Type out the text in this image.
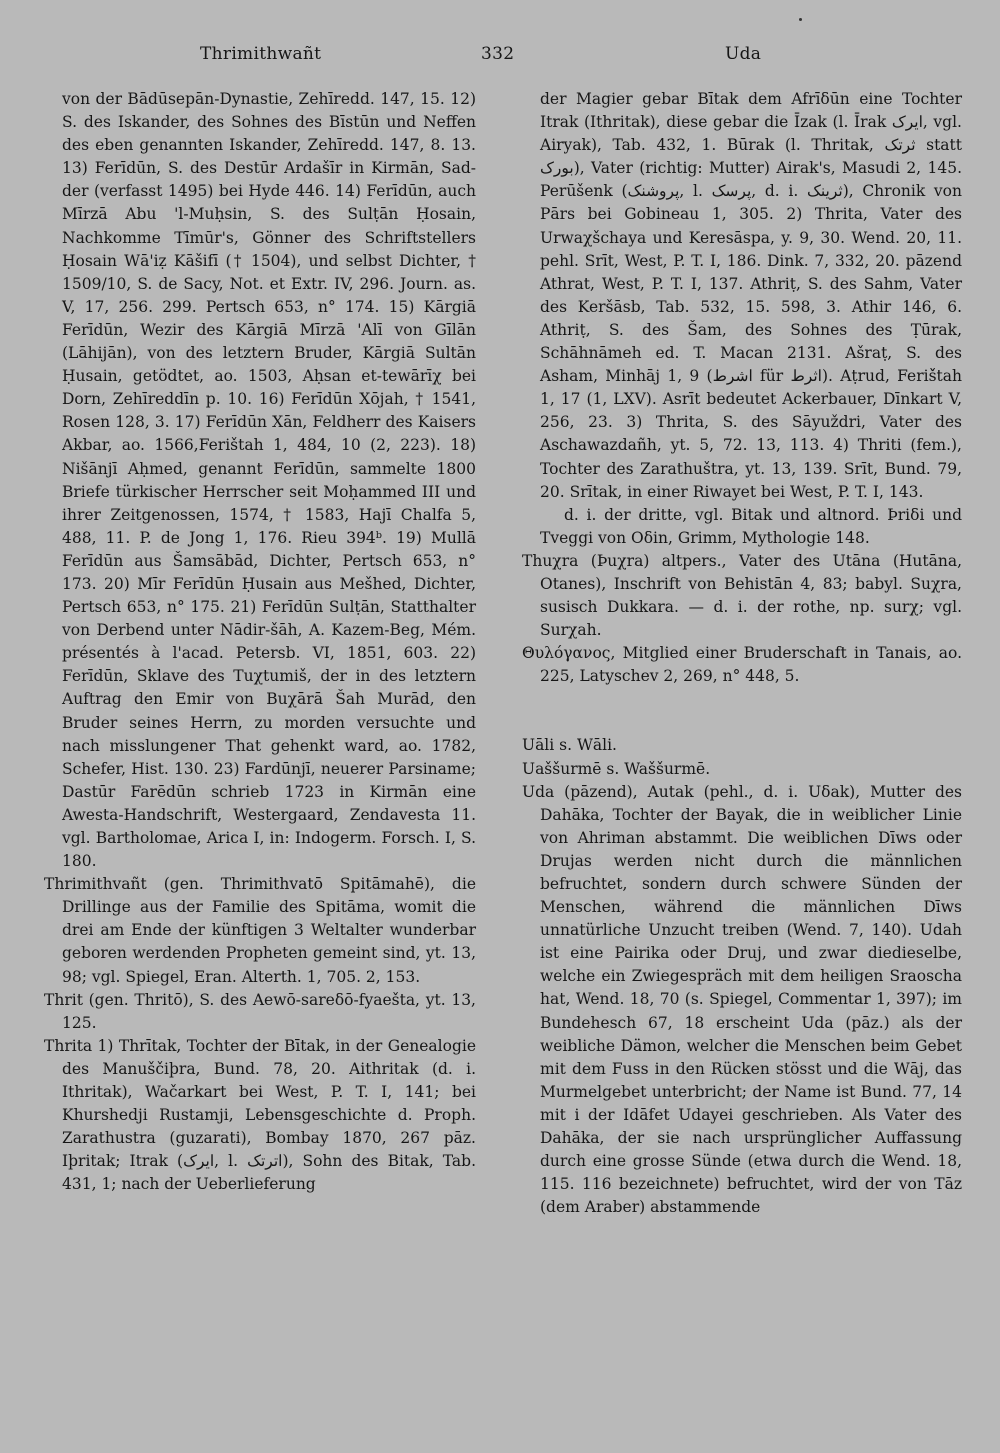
Thrimithwañt	332	Uda

von der Bādūsepān-Dynastie, Zehīredd. 147, 15. 12) S. des Iskander, des Sohnes des Bīstūn und Neffen des eben genannten Iskander, Zehīredd. 147, 8. 13. 13) Ferīdūn, S. des Destūr Ardašīr in Kirmān, Sad-der (verfasst 1495) bei Hyde 446. 14) Ferīdūn, auch Mīrzā Abu 'l-Muḥsin, S. des Sulṭān Ḥosain, Nachkomme Tīmūr's, Gönner des Schriftstellers Ḥosain Wā'iẓ Kāšifī († 1504), und selbst Dichter, † 1509/10, S. de Sacy, Not. et Extr. IV, 296. Journ. as. V, 17, 256. 299. Pertsch 653, n° 174. 15) Kārgiā Ferīdūn, Wezir des Kārgiā Mīrzā 'Alī von Gīlān (Lāhijān), von des letztern Bruder, Kārgiā Sultān Ḥusain, getödtet, ao. 1503, Aḥsan et-tewārīχ bei Dorn, Zehīreddīn p. 10. 16) Ferīdūn Xōjah, † 1541, Rosen 128, 3. 17) Ferīdūn Xān, Feldherr des Kaisers Akbar, ao. 1566,Ferištah 1, 484, 10 (2, 223). 18) Nišānjī Aḥmed, genannt Ferīdūn, sammelte 1800 Briefe türkischer Herrscher seit Moḥammed III und ihrer Zeitgenossen, 1574, † 1583, Hajī Chalfa 5, 488, 11. P. de Jong 1, 176. Rieu 394ᵇ. 19) Mullā Ferīdūn aus Šamsābād, Dichter, Pertsch 653, n° 173. 20) Mīr Ferīdūn Ḥusain aus Mešhed, Dichter, Pertsch 653, n° 175. 21) Ferīdūn Sulṭān, Statthalter von Derbend unter Nādir-šāh, A. Kazem-Beg, Mém. présentés à l'acad. Petersb. VI, 1851, 603. 22) Ferīdūn, Sklave des Tuχtumiš, der in des letztern Auftrag den Emir von Buχārā Šah Murād, den Bruder seines Herrn, zu morden versuchte und nach misslungener That gehenkt ward, ao. 1782, Schefer, Hist. 130. 23) Fardūnjī, neuerer Parsiname; Dastūr Farēdūn schrieb 1723 in Kirmān eine Awesta-Handschrift, Westergaard, Zendavesta 11. vgl. Bartholomae, Arica I, in: Indogerm. Forsch. I, S. 180.

Thrimithvañt (gen. Thrimithvatō Spitāmahē), die Drillinge aus der Familie des Spitāma, womit die drei am Ende der künftigen 3 Weltalter wunderbar geboren werdenden Propheten gemeint sind, yt. 13, 98; vgl. Spiegel, Eran. Alterth. 1, 705. 2, 153.

Thrit (gen. Thritō), S. des Aewō-sareδō-fyaešta, yt. 13, 125.

Thrita 1) Thrītak, Tochter der Bītak, in der Genealogie des Manuščiþra, Bund. 78, 20. Aithritak (d. i. Ithritak), Wačarkart bei West, P. T. I, 141; bei Khurshedji Rustamji, Lebensgeschichte d. Proph. Zarathustra (guzarati), Bombay 1870, 267 pāz. Iþritak; Itrak (ایرک, l. اترتک), Sohn des Bitak, Tab. 431, 1; nach der Ueberlieferung

der Magier gebar Bītak dem Afrīδūn eine Tochter Itrak (Ithritak), diese gebar die Īzak (l. Īrak ایرک, vgl. Airyak), Tab. 432, 1. Būrak (l. Thritak, ثرتک statt بورک), Vater (richtig: Mutter) Airak's, Masudi 2, 145. Perūšenk (پروشنک, l. پرسک, d. i. ثرینک), Chronik von Pārs bei Gobineau 1, 305. 2) Thrita, Vater des Urwaχšchaya und Keresāspa, y. 9, 30. Wend. 20, 11. pehl. Srīt, West, P. T. I, 186. Dink. 7, 332, 20. pāzend Athrat, West, P. T. I, 137. Athriṭ, S. des Sahm, Vater des Keršāsb, Tab. 532, 15. 598, 3. Athir 146, 6. Athriṭ, S. des Šam, des Sohnes des Ṭūrak, Schāhnāmeh ed. T. Macan 2131. Ašraṭ, S. des Asham, Minhāj 1, 9 (اشرط für اثرط). Aṭrud, Feriš̌tah 1, 17 (1, LXV). Asrīt bedeutet Ackerbauer, Dīnkart V, 256, 23. 3) Thrita, S. des Sāyuždri, Vater des Aschawazdañh, yt. 5, 72. 13, 113. 4) Thriti (fem.), Tochter des Zarathuštra, yt. 13, 139. Srīt, Bund. 79, 20. Srītak, in einer Riwayet bei West, P. T. I, 143.

d. i. der dritte, vgl. Bitak und altnord. Þriδi und Tveggi von Oδin, Grimm, Mythologie 148.

Thuχra (Þuχra) altpers., Vater des Utāna (Hutāna, Otanes), Inschrift von Behistān 4, 83; babyl. Suχra, susisch Dukkara. — d. i. der rothe, np. surχ; vgl. Surχah.

Θυλόγανος, Mitglied einer Bruderschaft in Tanais, ao. 225, Latyschev 2, 269, n° 448, 5.

Uāli s. Wāli.

Uaššurmē s. Waššurmē.

Uda (pāzend), Autak (pehl., d. i. Uδak), Mutter des Dahāka, Tochter der Bayak, die in weiblicher Linie von Ahriman abstammt. Die weiblichen Dīws oder Drujas werden nicht durch die männlichen befruchtet, sondern durch schwere Sünden der Menschen, während die männlichen Dīws unnatürliche Unzucht treiben (Wend. 7, 140). Udah ist eine Pairika oder Druj, und zwar diedieselbe, welche ein Zwiegespräch mit dem heiligen Sraoscha hat, Wend. 18, 70 (s. Spiegel, Commentar 1, 397); im Bundehesch 67, 18 erscheint Uda (pāz.) als der weibliche Dämon, welcher die Menschen beim Gebet mit dem Fuss in den Rücken stösst und die Wāj, das Murmelgebet unterbricht; der Name ist Bund. 77, 14 mit i der Idāfet Udayei geschrieben. Als Vater des Dahāka, der sie nach ursprünglicher Auffassung durch eine grosse Sünde (etwa durch die Wend. 18, 115. 116 bezeichnete) befruchtet, wird der von Tāz (dem Araber) abstammende
